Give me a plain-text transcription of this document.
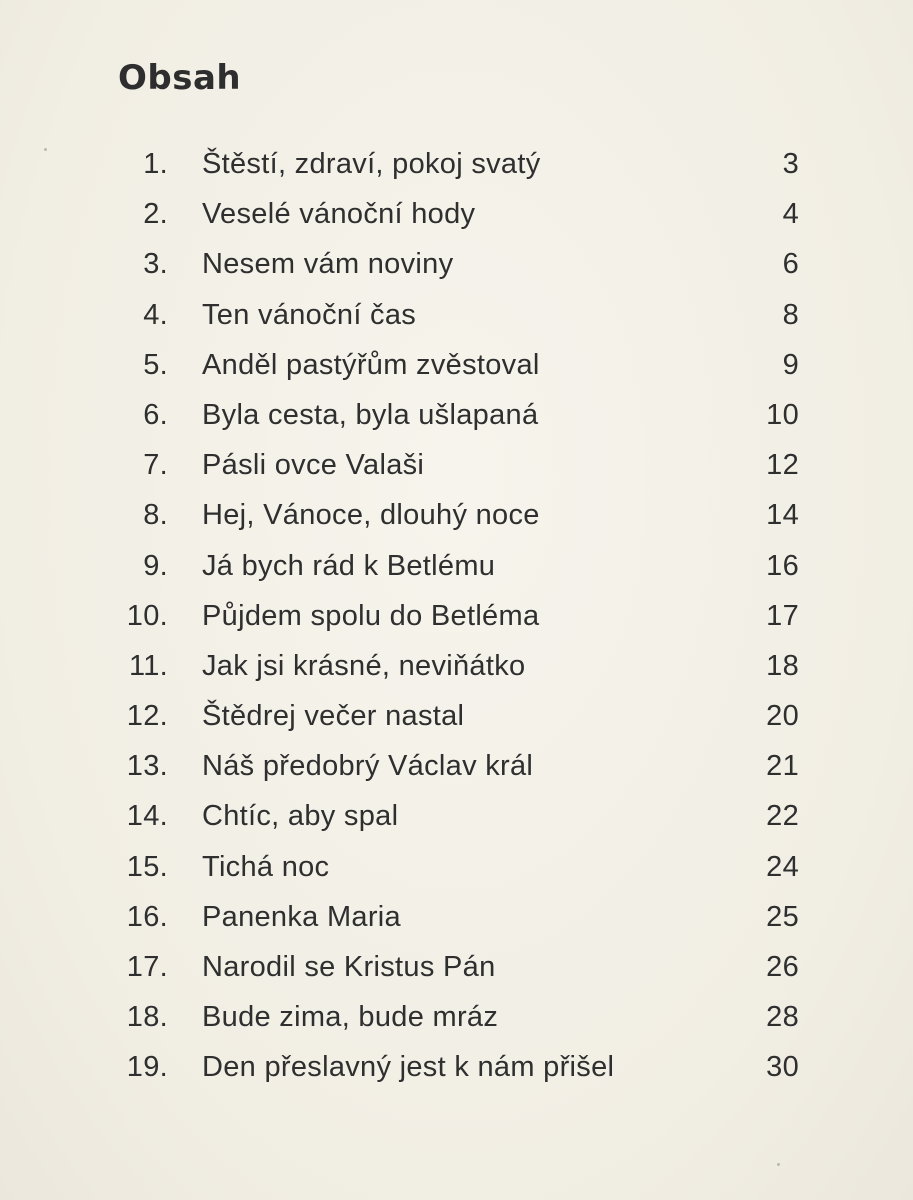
Obsah
1. Štěstí, zdraví, pokoj svatý	3
2. Veselé vánoční hody	4
3. Nesem vám noviny	6
4. Ten vánoční čas	8
5. Anděl pastýřům zvěstoval	9
6. Byla cesta, byla ušlapaná	10
7. Pásli ovce Valaši	12
8. Hej, Vánoce, dlouhý noce	14
9. Já bych rád k Betlému	16
10. Půjdem spolu do Betléma	17
11. Jak jsi krásné, neviňátko	18
12. Štědrej večer nastal	20
13. Náš předobrý Václav král	21
14. Chtíc, aby spal	22
15. Tichá noc	24
16. Panenka Maria	25
17. Narodil se Kristus Pán	26
18. Bude zima, bude mráz	28
19. Den přeslavný jest k nám přišel	30
